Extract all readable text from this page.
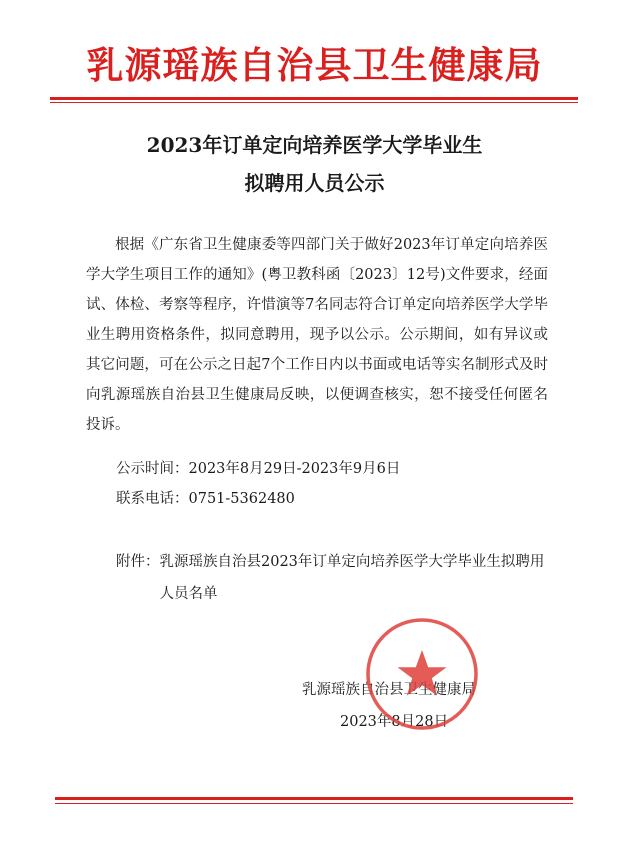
乳源瑶族自治县卫生健康局
2023年订单定向培养医学大学毕业生
拟聘用人员公示
根据《广东省卫生健康委等四部门关于做好2023年订单定向培养医学大学生项目工作的通知》(粤卫教科函〔2023〕12号)文件要求，经面试、体检、考察等程序，许惜演等7名同志符合订单定向培养医学大学毕业生聘用资格条件，拟同意聘用，现予以公示。公示期间，如有异议或其它问题，可在公示之日起7个工作日内以书面或电话等实名制形式及时向乳源瑶族自治县卫生健康局反映，以便调查核实，恕不接受任何匿名投诉。
公示时间：2023年8月29日-2023年9月6日
联系电话：0751-5362480
附件： 乳源瑶族自治县2023年订单定向培养医学大学毕业生拟聘用人员名单
乳源瑶族自治县卫生健康局
2023年8月28日
